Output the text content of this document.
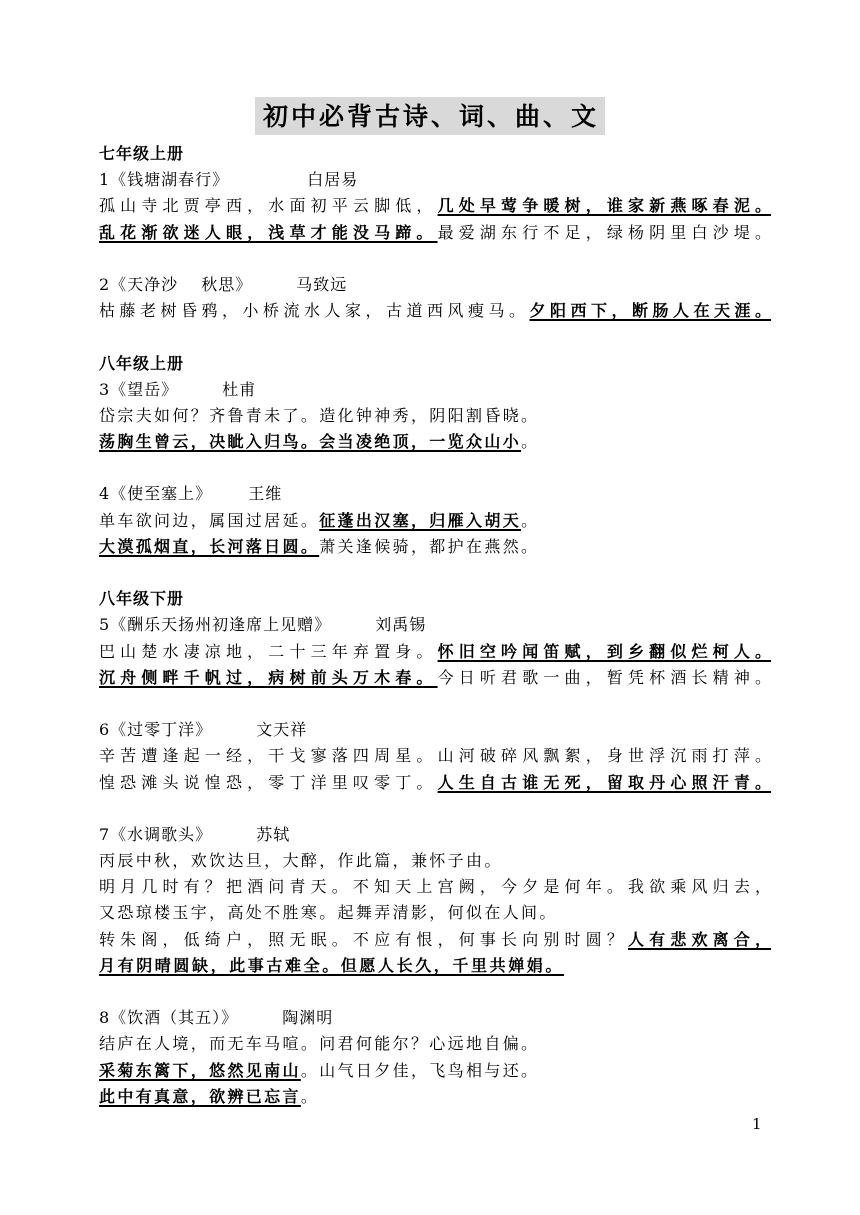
初中必背古诗、词、曲、文
七年级上册
1《钱塘湖春行》	白居易
孤山寺北贾亭西，水面初平云脚低，几处早莺争暖树，谁家新燕啄春泥。
乱花渐欲迷人眼，浅草才能没马蹄。最爱湖东行不足，绿杨阴里白沙堤。
2《天净沙　 秋思》	马致远
枯藤老树昏鸦，小桥流水人家，古道西风瘦马。夕阳西下，断肠人在天涯。
八年级上册
3《望岳》	杜甫
岱宗夫如何？齐鲁青未了。造化钟神秀，阴阳割昏晓。
荡胸生曾云，决眦入归鸟。会当凌绝顶，一览众山小。
4《使至塞上》 王维
单车欲问边，属国过居延。征蓬出汉塞，归雁入胡天。
大漠孤烟直，长河落日圆。萧关逢候骑，都护在燕然。
八年级下册
5《酬乐天扬州初逢席上见赠》	刘禹锡
巴山楚水凄凉地，二十三年弃置身。怀旧空吟闻笛赋，到乡翻似烂柯人。
沉舟侧畔千帆过，病树前头万木春。今日听君歌一曲，暂凭杯酒长精神。
6《过零丁洋》	文天祥
辛苦遭逢起一经，干戈寥落四周星。山河破碎风飘絮，身世浮沉雨打萍。
惶恐滩头说惶恐，零丁洋里叹零丁。人生自古谁无死，留取丹心照汗青。
7《水调歌头》	苏轼
丙辰中秋，欢饮达旦，大醉，作此篇，兼怀子由。
明月几时有？把酒问青天。不知天上宫阙，今夕是何年。我欲乘风归去，
又恐琼楼玉宇，高处不胜寒。起舞弄清影，何似在人间。
转朱阁，低绮户，照无眠。不应有恨，何事长向别时圆？人有悲欢离合，
月有阴晴圆缺，此事古难全。但愿人长久，千里共婵娟。
8《饮酒（其五）》	陶渊明
结庐在人境，而无车马喧。问君何能尔？心远地自偏。
采菊东篱下，悠然见南山。山气日夕佳，飞鸟相与还。
此中有真意，欲辨已忘言。
1
